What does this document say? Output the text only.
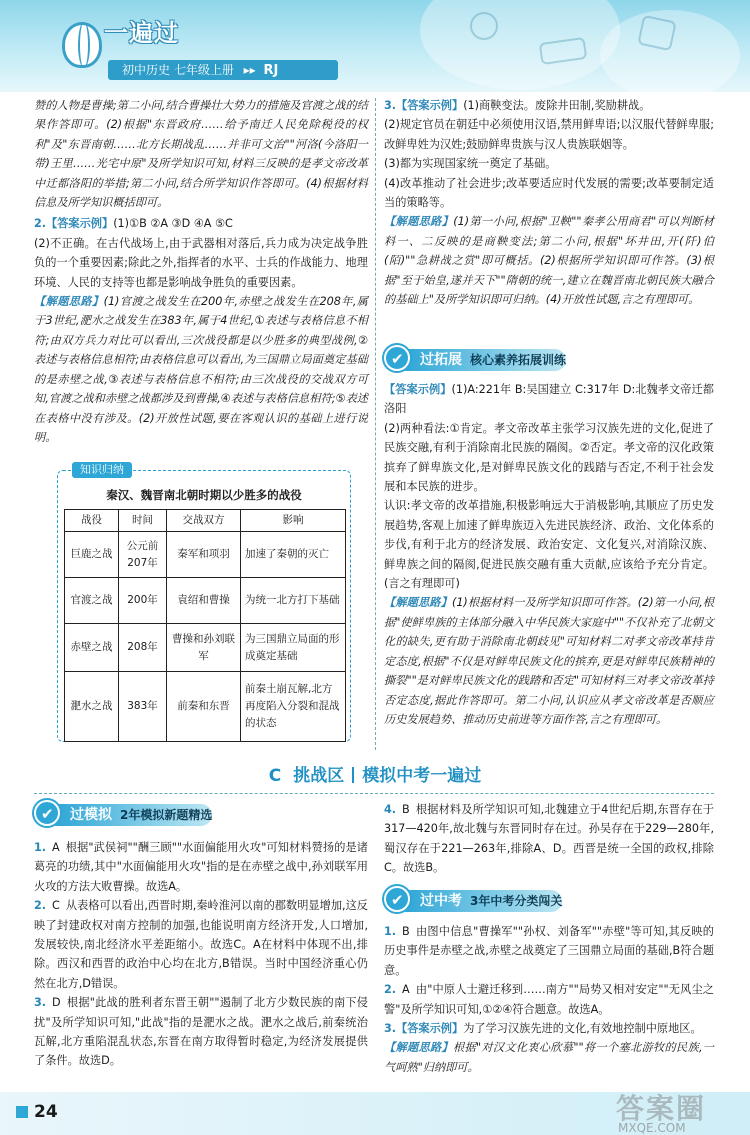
一遍过
初中历史 七年级上册 ▸▸ RJ

赞的人物是曹操;第二小问,结合曹操壮大势力的措施及官渡之战的结果作答即可。(2)根据"东晋政府……给予南迁人民免除税役的权利"及"东晋南朝……北方长期战乱……并非可文治""河洛(今洛阳一带)王里……光宅中原"及所学知识可知,材料三反映的是孝文帝改革中迁都洛阳的举措;第二小问,结合所学知识作答即可。(4)根据材料信息及所学知识概括即可。

2.【答案示例】(1)①B ②A ③D ④A ⑤C
(2)不正确。在古代战场上,由于武器相对落后,兵力成为决定战争胜负的一个重要因素;除此之外,指挥者的水平、士兵的作战能力、地理环境、人民的支持等也都是影响战争胜负的重要因素。

【解题思路】(1)官渡之战发生在200年,赤壁之战发生在208年,属于3世纪,淝水之战发生在383年,属于4世纪,①表述与表格信息不相符;由双方兵力对比可以看出,三次战役都是以少胜多的典型战例,②表述与表格信息相符;由表格信息可以看出,为三国鼎立局面奠定基础的是赤壁之战,③表述与表格信息不相符;由三次战役的交战双方可知,官渡之战和赤壁之战都涉及到曹操,④表述与表格信息相符;⑤表述在表格中没有涉及。(2)开放性试题,要在客观认识的基础上进行说明。

知识归纳
秦汉、魏晋南北朝时期以少胜多的战役
战役	时间	交战双方	影响
巨鹿之战	公元前207年	秦军和项羽	加速了秦朝的灭亡
官渡之战	200年	袁绍和曹操	为统一北方打下基础
赤壁之战	208年	曹操和孙刘联军	为三国鼎立局面的形成奠定基础
淝水之战	383年	前秦和东晋	前秦土崩瓦解,北方再度陷入分裂和混战的状态

3.【答案示例】(1)商鞅变法。废除井田制,奖励耕战。
(2)规定官员在朝廷中必须使用汉语,禁用鲜卑语;以汉服代替鲜卑服;改鲜卑姓为汉姓;鼓励鲜卑贵族与汉人贵族联姻等。
(3)都为实现国家统一奠定了基础。
(4)改革推动了社会进步;改革要适应时代发展的需要;改革要制定适当的策略等。

【解题思路】(1)第一小问,根据"卫鞅""秦孝公用商君"可以判断材料一、二反映的是商鞅变法;第二小问,根据"坏井田,开(阡)伯(陌)""急耕战之赏"即可概括。(2)根据所学知识即可作答。(3)根据"至于始皇,遂并天下""隋朝的统一,建立在魏晋南北朝民族大融合的基础上"及所学知识即可归纳。(4)开放性试题,言之有理即可。

过拓展 核心素养拓展训练
✔

【答案示例】(1)A:221年 B:吴国建立 C:317年 D:北魏孝文帝迁都洛阳
(2)两种看法:①肯定。孝文帝改革主张学习汉族先进的文化,促进了民族交融,有利于消除南北民族的隔阂。②否定。孝文帝的汉化政策摈弃了鲜卑族文化,是对鲜卑民族文化的践踏与否定,不利于社会发展和本民族的进步。
认识:孝文帝的改革措施,积极影响远大于消极影响,其顺应了历史发展趋势,客观上加速了鲜卑族迈入先进民族经济、政治、文化体系的步伐,有利于北方的经济发展、政治安定、文化复兴,对消除汉族、鲜卑族之间的隔阂,促进民族交融有重大贡献,应该给予充分肯定。(言之有理即可)

【解题思路】(1)根据材料一及所学知识即可作答。(2)第一小问,根据"使鲜卑族的主体部分融入中华民族大家庭中""不仅补充了北朝文化的缺失,更有助于消除南北朝歧见"可知材料二对孝文帝改革持肯定态度,根据"不仅是对鲜卑民族文化的摈弃,更是对鲜卑民族精神的撕裂""是对鲜卑民族文化的践踏和否定"可知材料三对孝文帝改革持否定态度,据此作答即可。第二小问,认识应从孝文帝改革是否顺应历史发展趋势、推动历史前进等方面作答,言之有理即可。

C 挑战区 模拟中考一遍过
过模拟 2年模拟新题精选
✔

1. A 根据"武侯祠""酬三顾""水面偏能用火攻"可知材料赞扬的是诸葛亮的功绩,其中"水面偏能用火攻"指的是在赤壁之战中,孙刘联军用火攻的方法大败曹操。故选A。

2. C 从表格可以看出,西晋时期,秦岭淮河以南的郡数明显增加,这反映了封建政权对南方控制的加强,也能说明南方经济开发,人口增加,发展较快,南北经济水平差距缩小。故选C。A在材料中体现不出,排除。西汉和西晋的政治中心均在北方,B错误。当时中国经济重心仍然在北方,D错误。

3. D 根据"此战的胜利者东晋王朝""遏制了北方少数民族的南下侵扰"及所学知识可知,"此战"指的是淝水之战。淝水之战后,前秦统治瓦解,北方重陷混乱状态,东晋在南方取得暂时稳定,为经济发展提供了条件。故选D。

4. B 根据材料及所学知识可知,北魏建立于4世纪后期,东晋存在于317—420年,故北魏与东晋同时存在过。孙吴存在于229—280年,蜀汉存在于221—263年,排除A、D。西晋是统一全国的政权,排除C。故选B。

过中考 3年中考分类闯关
✔

1. B 由图中信息"曹操军""孙权、刘备军""赤壁"等可知,其反映的历史事件是赤壁之战,赤壁之战奠定了三国鼎立局面的基础,B符合题意。

2. A 由"中原人士避迁移到……南方""局势又相对安定""无风尘之警"及所学知识可知,①②④符合题意。故选A。

3.【答案示例】为了学习汉族先进的文化,有效地控制中原地区。

【解题思路】根据"对汉文化衷心欣慕""将一个塞北游牧的民族,一气呵熟"归纳即可。

24	答案圈
MXQE.COM
